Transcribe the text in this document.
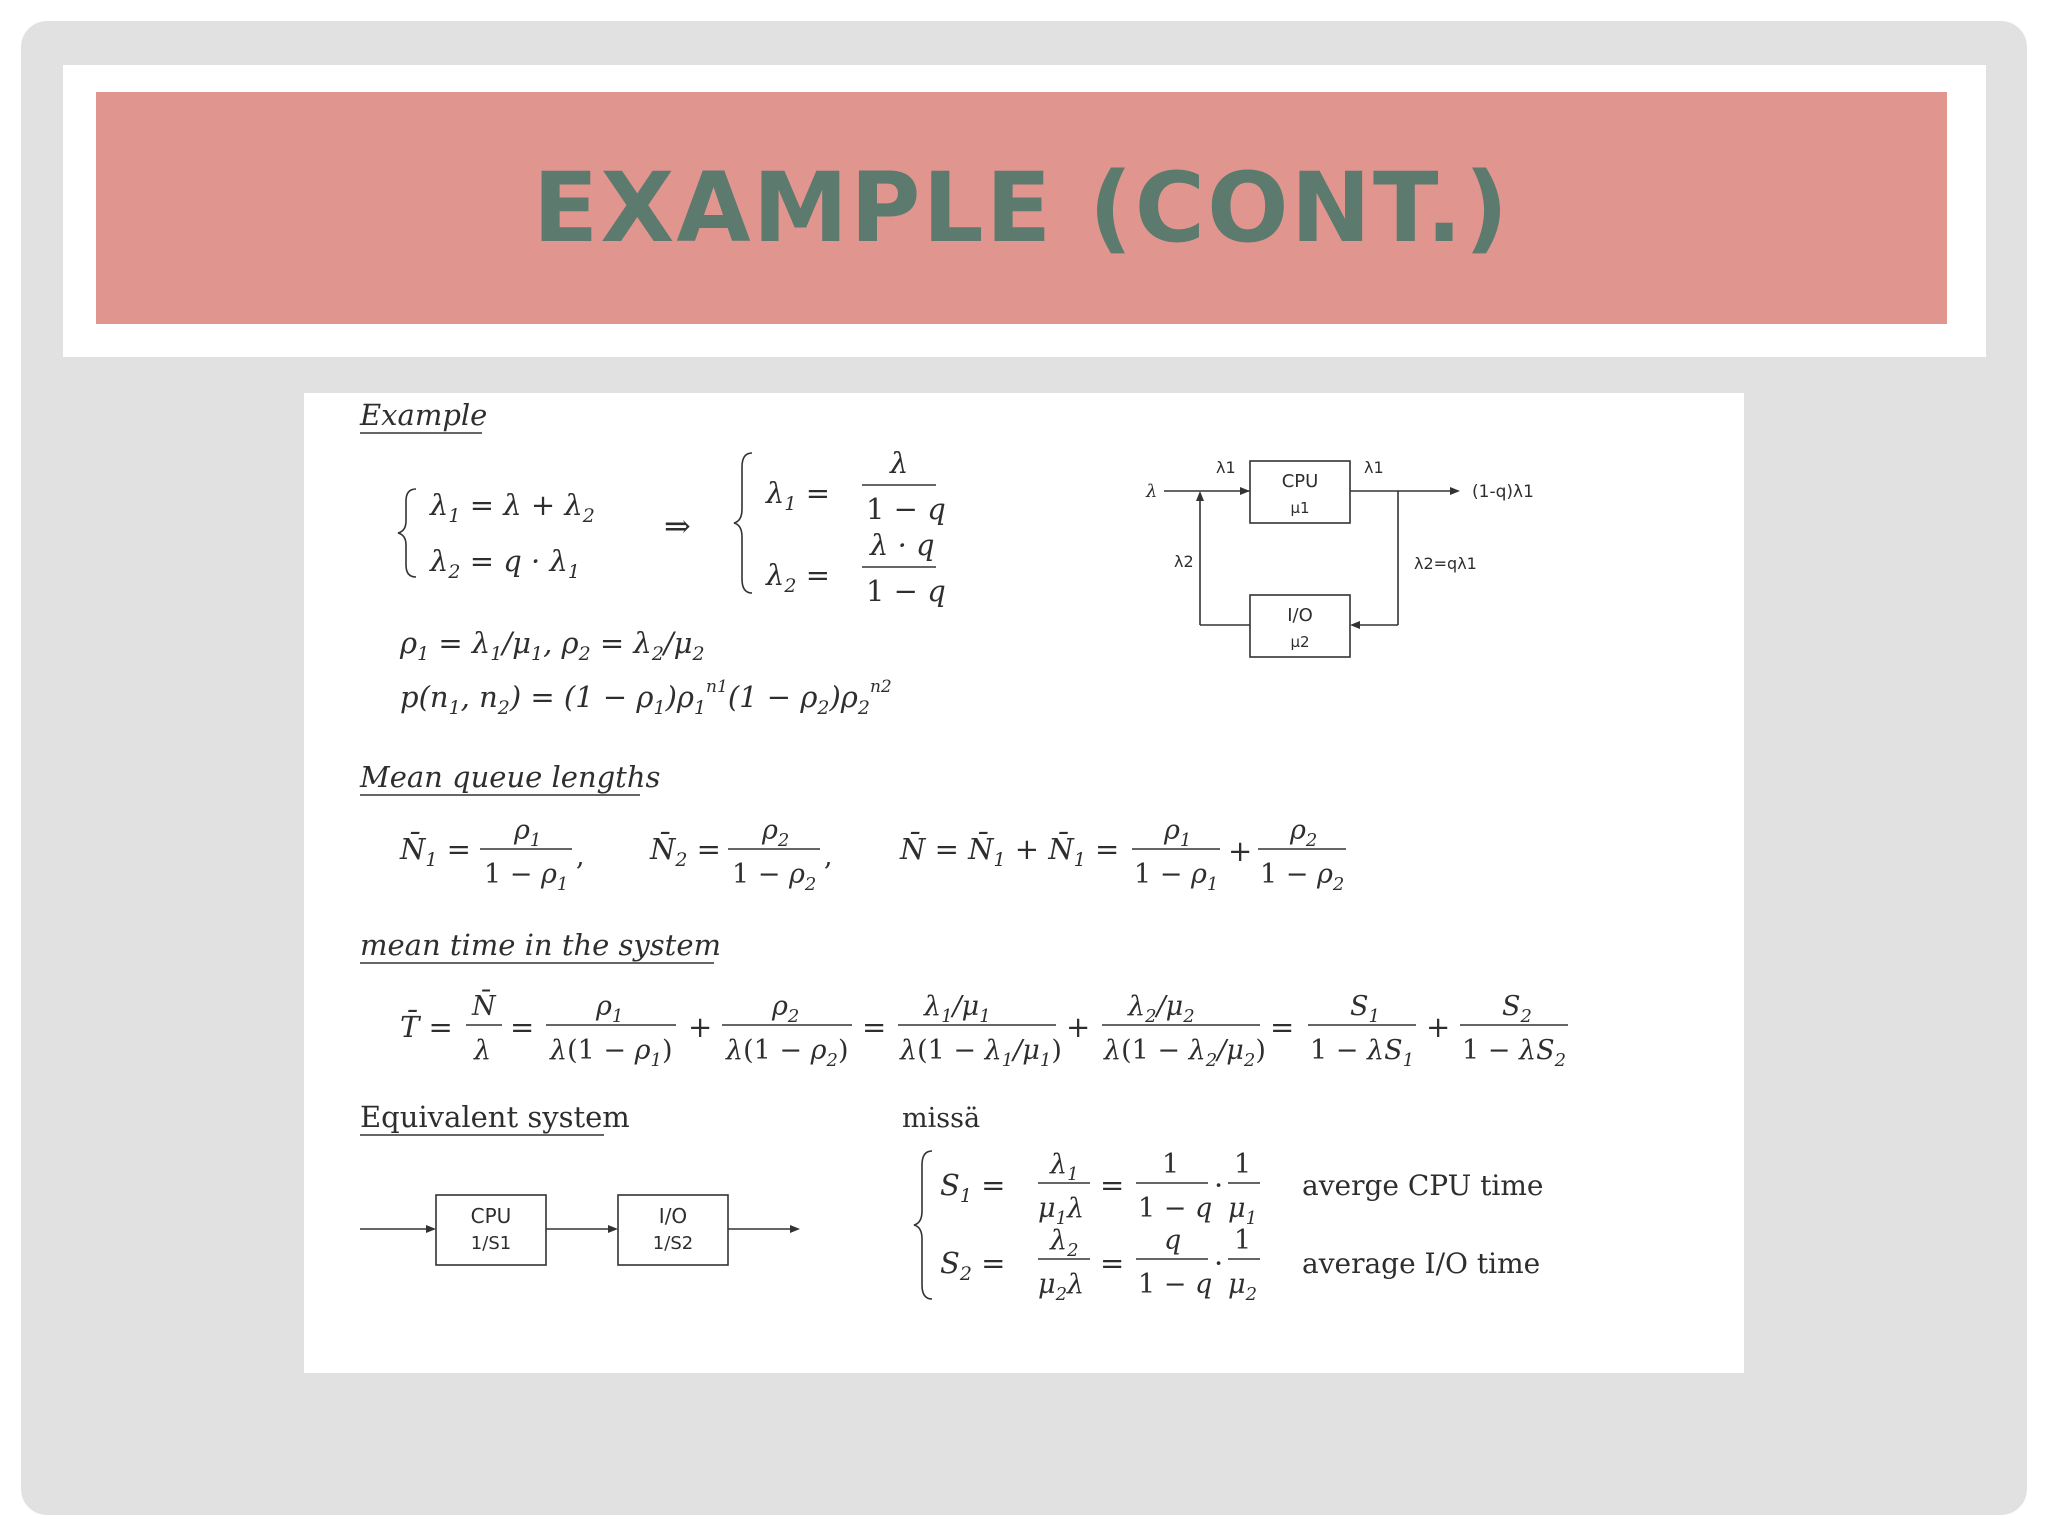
EXAMPLE (CONT.)
Example
$\lambda_1 = \lambda + \lambda_2$
$\lambda_2 = q \cdot \lambda_1$
⇒
$\lambda_1$ =
λ
1 − q
$\lambda_2$ =
λ · q
1 − q
$\rho_1 = \lambda_1/\mu_1$, $\rho_2 = \lambda_2/\mu_2$
$p(n_1$, $n_2) = (1 - \rho_1)\rho_1^{n1}(1 - \rho_2)\rho_2^{n2}$
λ
λ1
CPU
μ1
λ1
(1-q)λ1
λ2=qλ1
I/O
μ2
λ2
Mean queue lengths
$N̄_1$ =
$\rho_1$
$1 - \rho_1$
, $N̄_2$ =
$\rho_2$
$1 - \rho_2$
, N̄ = $N̄_1$ + $N̄_1$ =
$\rho_1$
$1 - \rho_1$
+
$\rho_2$
$1 - \rho_2$
mean time in the system
T̄ =
N̄
λ
=
$\rho_1$
$\lambda(1 - \rho_1)$
+
$\rho_2$
$\lambda(1 - \rho_2)$
=
$\lambda_1/\mu_1$
$\lambda(1 - \lambda_1/\mu_1)$
+
$\lambda_2/\mu_2$
$\lambda(1 - \lambda_2/\mu_2)$
=
$S_1$
$1 - \lambda S_1$
+
$S_2$
$1 - \lambda S_2$
Equivalent system	missä
CPU
1/S1
I/O
1/S2
$S_1$ =
$\lambda_1$
$\mu_1\lambda$
=
1
1 − q
·
1
$\mu_1$
averge CPU time
$S_2$ =
$\lambda_2$
$\mu_2\lambda$
=
q
1 − q
·
1
$\mu_2$
average I/O time
